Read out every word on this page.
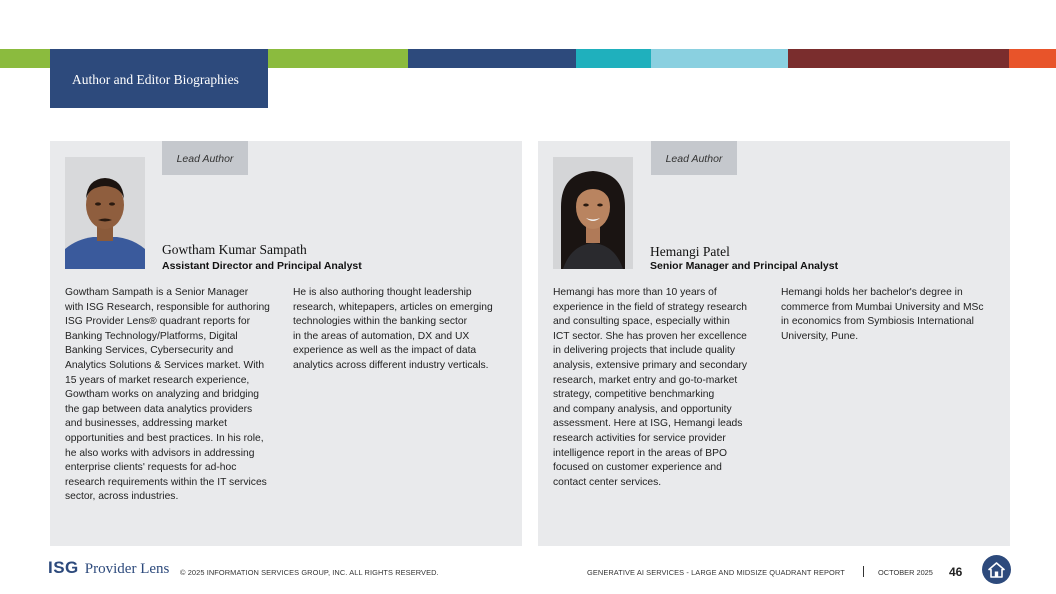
Author and Editor Biographies
Lead Author
Gowtham Kumar Sampath
Assistant Director and Principal Analyst
Gowtham Sampath is a Senior Manager
with ISG Research, responsible for authoring
ISG Provider Lens® quadrant reports for
Banking Technology/Platforms, Digital
Banking Services, Cybersecurity and
Analytics Solutions & Services market. With
15 years of market research experience,
Gowtham works on analyzing and bridging
the gap between data analytics providers
and businesses, addressing market
opportunities and best practices. In his role,
he also works with advisors in addressing
enterprise clients' requests for ad-hoc
research requirements within the IT services
sector, across industries.
He is also authoring thought leadership
research, whitepapers, articles on emerging
technologies within the banking sector
in the areas of automation, DX and UX
experience as well as the impact of data
analytics across different industry verticals.
Lead Author
Hemangi Patel
Senior Manager and Principal Analyst
Hemangi has more than 10 years of
experience in the field of strategy research
and consulting space, especially within
ICT sector. She has proven her excellence
in delivering projects that include quality
analysis, extensive primary and secondary
research, market entry and go-to-market
strategy, competitive benchmarking
and company analysis, and opportunity
assessment. Here at ISG, Hemangi leads
research activities for service provider
intelligence report in the areas of BPO
focused on customer experience and
contact center services.
Hemangi holds her bachelor's degree in
commerce from Mumbai University and MSc
in economics from Symbiosis International
University, Pune.
ISG Provider Lens © 2025 INFORMATION SERVICES GROUP, INC. ALL RIGHTS RESERVED.	GENERATIVE AI SERVICES - LARGE AND MIDSIZE QUADRANT REPORT	OCTOBER 2025 46
